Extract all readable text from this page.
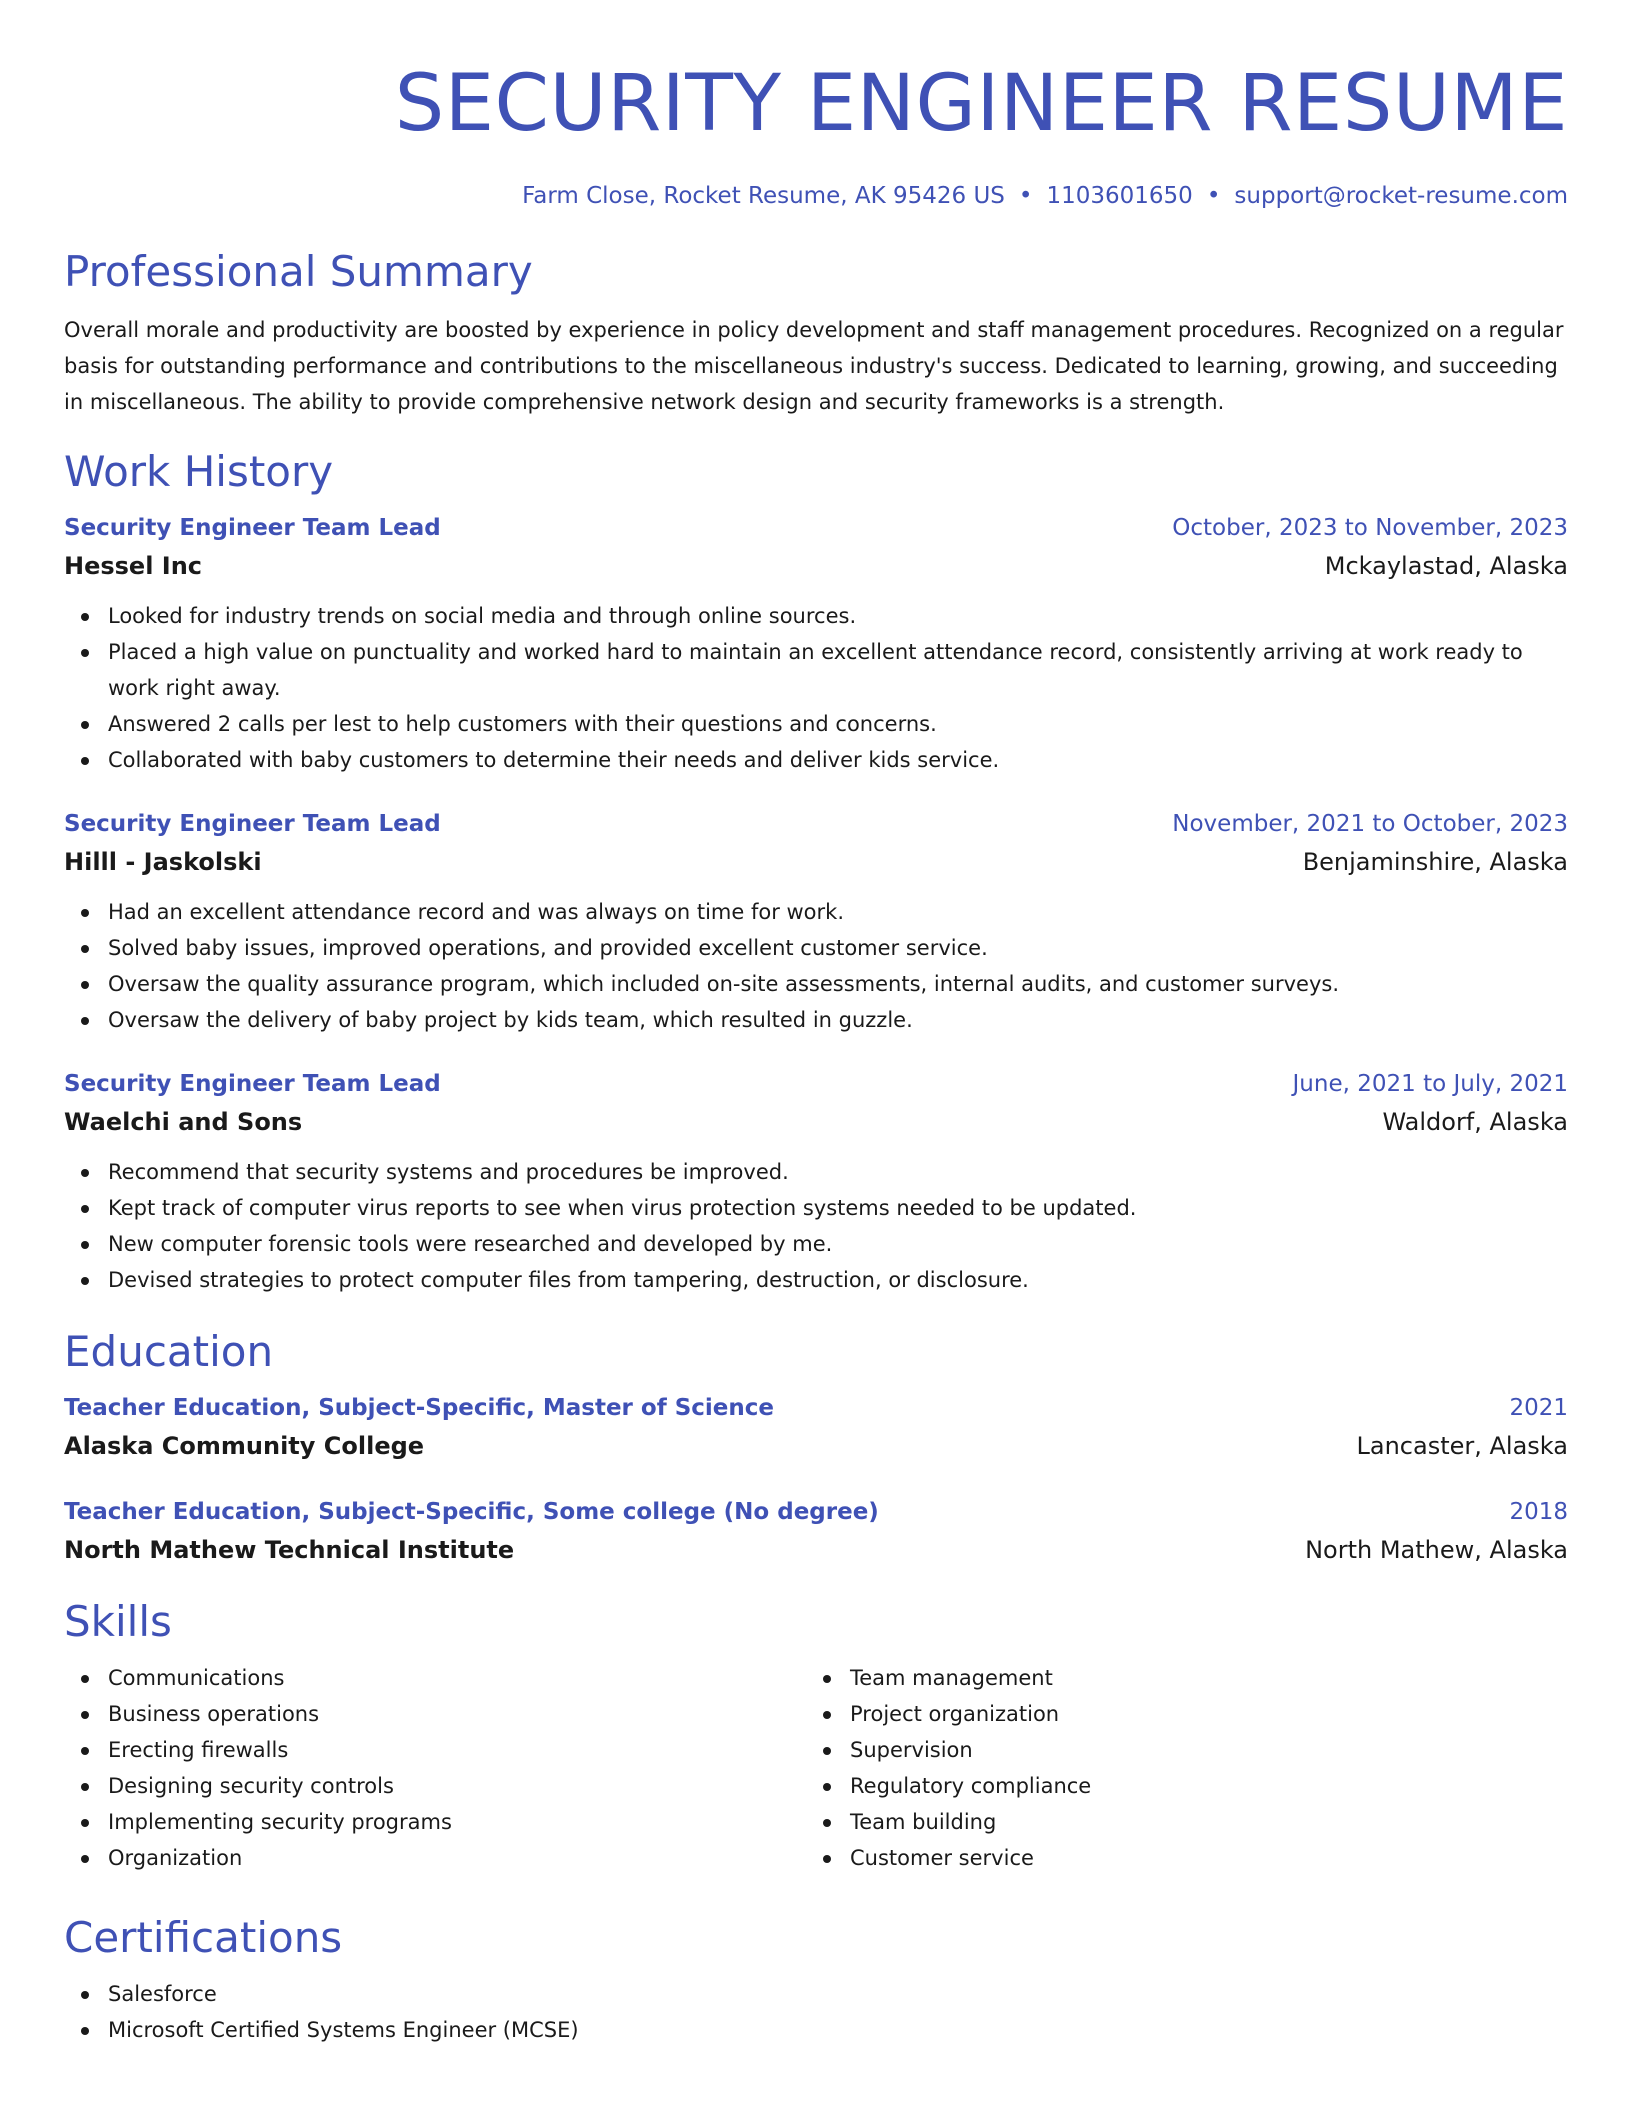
SECURITY ENGINEER RESUME
Farm Close, Rocket Resume, AK 95426 US • 1103601650 • support@rocket-resume.com
Professional Summary
Overall morale and productivity are boosted by experience in policy development and staff management procedures. Recognized on a regular basis for outstanding performance and contributions to the miscellaneous industry's success. Dedicated to learning, growing, and succeeding in miscellaneous. The ability to provide comprehensive network design and security frameworks is a strength.
Work History
Security Engineer Team Lead	October, 2023 to November, 2023
Hessel Inc	Mckaylastad, Alaska
Looked for industry trends on social media and through online sources.
Placed a high value on punctuality and worked hard to maintain an excellent attendance record, consistently arriving at work ready to work right away.
Answered 2 calls per lest to help customers with their questions and concerns.
Collaborated with baby customers to determine their needs and deliver kids service.
Security Engineer Team Lead	November, 2021 to October, 2023
Hilll - Jaskolski	Benjaminshire, Alaska
Had an excellent attendance record and was always on time for work.
Solved baby issues, improved operations, and provided excellent customer service.
Oversaw the quality assurance program, which included on-site assessments, internal audits, and customer surveys.
Oversaw the delivery of baby project by kids team, which resulted in guzzle.
Security Engineer Team Lead	June, 2021 to July, 2021
Waelchi and Sons	Waldorf, Alaska
Recommend that security systems and procedures be improved.
Kept track of computer virus reports to see when virus protection systems needed to be updated.
New computer forensic tools were researched and developed by me.
Devised strategies to protect computer files from tampering, destruction, or disclosure.
Education
Teacher Education, Subject-Specific, Master of Science	2021
Alaska Community College	Lancaster, Alaska
Teacher Education, Subject-Specific, Some college (No degree)	2018
North Mathew Technical Institute	North Mathew, Alaska
Skills
Communications
Business operations
Erecting firewalls
Designing security controls
Implementing security programs
Organization
Team management
Project organization
Supervision
Regulatory compliance
Team building
Customer service
Certifications
Salesforce
Microsoft Certified Systems Engineer (MCSE)
